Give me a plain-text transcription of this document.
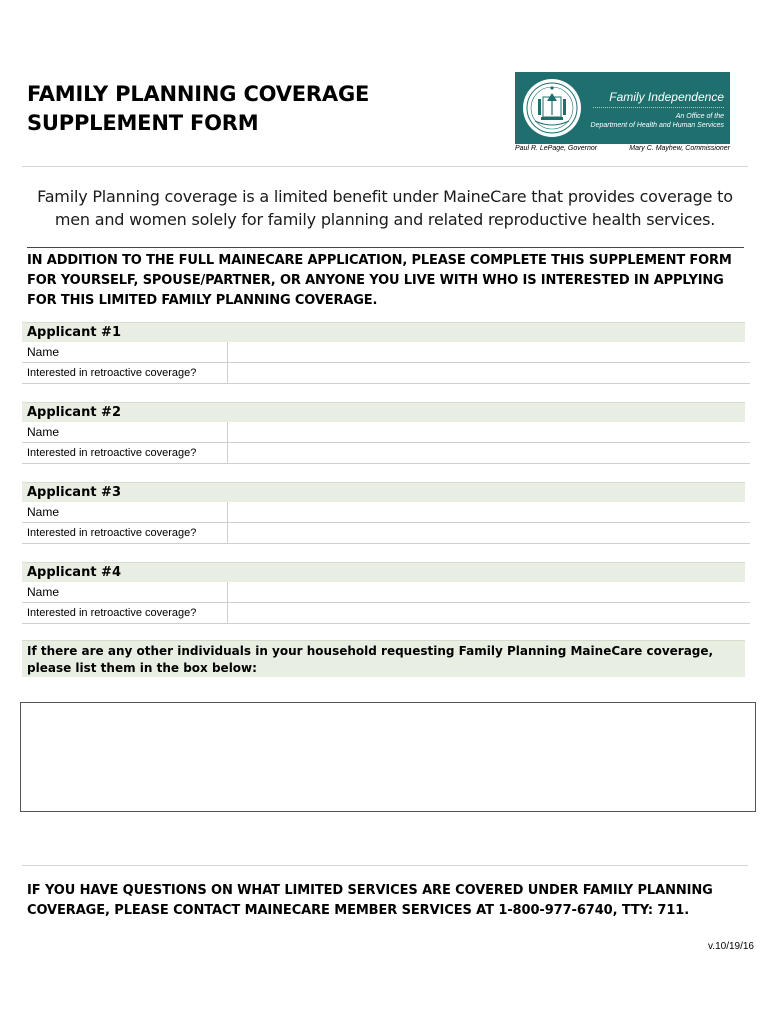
FAMILY PLANNING COVERAGE
SUPPLEMENT FORM
Family Independence
An Office of the
Department of Health and Human Services
Paul R. LePage, Governor	Mary C. Mayhew, Commissioner

Family Planning coverage is a limited benefit under MaineCare that provides coverage to men and women solely for family planning and related reproductive health services.

IN ADDITION TO THE FULL MAINECARE APPLICATION, PLEASE COMPLETE THIS SUPPLEMENT FORM FOR YOURSELF, SPOUSE/PARTNER, OR ANYONE YOU LIVE WITH WHO IS INTERESTED IN APPLYING FOR THIS LIMITED FAMILY PLANNING COVERAGE.

Applicant #1
Name
Interested in retroactive coverage?
Applicant #2
Name
Interested in retroactive coverage?
Applicant #3
Name
Interested in retroactive coverage?
Applicant #4
Name
Interested in retroactive coverage?
If there are any other individuals in your household requesting Family Planning MaineCare coverage, please list them in the box below:

IF YOU HAVE QUESTIONS ON WHAT LIMITED SERVICES ARE COVERED UNDER FAMILY PLANNING COVERAGE, PLEASE CONTACT MAINECARE MEMBER SERVICES AT 1-800-977-6740, TTY: 711.

v.10/19/16
